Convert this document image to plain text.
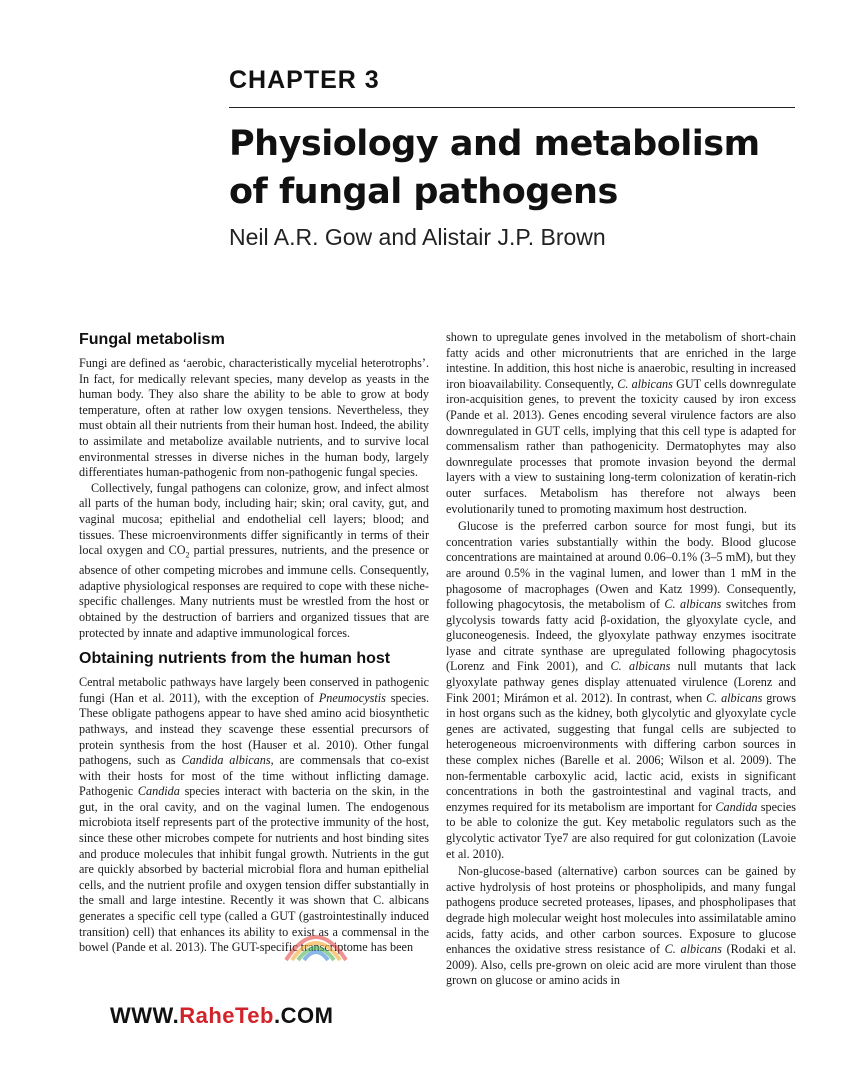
CHAPTER 3
Physiology and metabolism
of fungal pathogens
Neil A.R. Gow and Alistair J.P. Brown
Fungal metabolism

Fungi are defined as ‘aerobic, characteristically mycelial heterotrophs’. In fact, for medically relevant species, many develop as yeasts in the human body. They also share the ability to be able to grow at body temperature, often at rather low oxygen tensions. Nevertheless, they must obtain all their nutrients from their human host. Indeed, the ability to assimilate and metabolize available nutrients, and to survive local environmental stresses in diverse niches in the human body, largely differentiates human-pathogenic from non-pathogenic fungal species.

Collectively, fungal pathogens can colonize, grow, and infect almost all parts of the human body, including hair; skin; oral cavity, gut, and vaginal mucosa; epithelial and endothelial cell layers; blood; and tissues. These microenvironments differ significantly in terms of their local oxygen and $CO_2$ partial pressures, nutrients, and the presence or absence of other competing microbes and immune cells. Consequently, adaptive physiological responses are required to cope with these niche-specific challenges. Many nutrients must be wrestled from the host or obtained by the destruction of barriers and organized tissues that are protected by innate and adaptive immunological forces.

Obtaining nutrients from the human host

Central metabolic pathways have largely been conserved in pathogenic fungi (Han et al. 2011), with the exception of Pneumocystis species. These obligate pathogens appear to have shed amino acid biosynthetic pathways, and instead they scavenge these essential precursors of protein synthesis from the host (Hauser et al. 2010). Other fungal pathogens, such as Candida albicans, are commensals that co-exist with their hosts for most of the time without inflicting damage. Pathogenic Candida species interact with bacteria on the skin, in the gut, in the oral cavity, and on the vaginal lumen. The endogenous microbiota itself represents part of the protective immunity of the host, since these other microbes compete for nutrients and host binding sites and produce molecules that inhibit fungal growth. Nutrients in the gut are quickly absorbed by bacterial microbial flora and human epithelial cells, and the nutrient profile and oxygen tension differ substantially in the small and large intestine. Recently it was shown that C. albicans generates a specific cell type (called a GUT (gastrointestinally induced transition) cell) that enhances its ability to exist as a commensal in the bowel (Pande et al. 2013). The GUT-specific transcriptome has been

shown to upregulate genes involved in the metabolism of short-chain fatty acids and other micronutrients that are enriched in the large intestine. In addition, this host niche is anaerobic, resulting in increased iron bioavailability. Consequently, C. albicans GUT cells downregulate iron-acquisition genes, to prevent the toxicity caused by iron excess (Pande et al. 2013). Genes encoding several virulence factors are also downregulated in GUT cells, implying that this cell type is adapted for commensalism rather than pathogenicity. Dermatophytes may also downregulate processes that promote invasion beyond the dermal layers with a view to sustaining long-term colonization of keratin-rich outer surfaces. Metabolism has therefore not always been evolutionarily tuned to promoting maximum host destruction.

Glucose is the preferred carbon source for most fungi, but its concentration varies substantially within the body. Blood glucose concentrations are maintained at around 0.06–0.1% (3–5 mM), but they are around 0.5% in the vaginal lumen, and lower than 1 mM in the phagosome of macrophages (Owen and Katz 1999). Consequently, following phagocytosis, the metabolism of C. albicans switches from glycolysis towards fatty acid β-oxidation, the glyoxylate cycle, and gluconeogenesis. Indeed, the glyoxylate pathway enzymes isocitrate lyase and citrate synthase are upregulated following phagocytosis (Lorenz and Fink 2001), and C. albicans null mutants that lack glyoxylate pathway genes display attenuated virulence (Lorenz and Fink 2001; Mirámon et al. 2012). In contrast, when C. albicans grows in host organs such as the kidney, both glycolytic and glyoxylate cycle genes are activated, suggesting that fungal cells are subjected to heterogeneous microenvironments with differing carbon sources in these complex niches (Barelle et al. 2006; Wilson et al. 2009). The non-fermentable carboxylic acid, lactic acid, exists in significant concentrations in both the gastrointestinal and vaginal tracts, and enzymes required for its metabolism are important for Candida species to be able to colonize the gut. Key metabolic regulators such as the glycolytic activator Tye7 are also required for gut colonization (Lavoie et al. 2010).

Non-glucose-based (alternative) carbon sources can be gained by active hydrolysis of host proteins or phospholipids, and many fungal pathogens produce secreted proteases, lipases, and phospholipases that degrade high molecular weight host molecules into assimilatable amino acids, fatty acids, and other carbon sources. Exposure to glucose enhances the oxidative stress resistance of C. albicans (Rodaki et al. 2009). Also, cells pre-grown on oleic acid are more virulent than those grown on glucose or amino acids in

WWW.RaheTeb.COM
